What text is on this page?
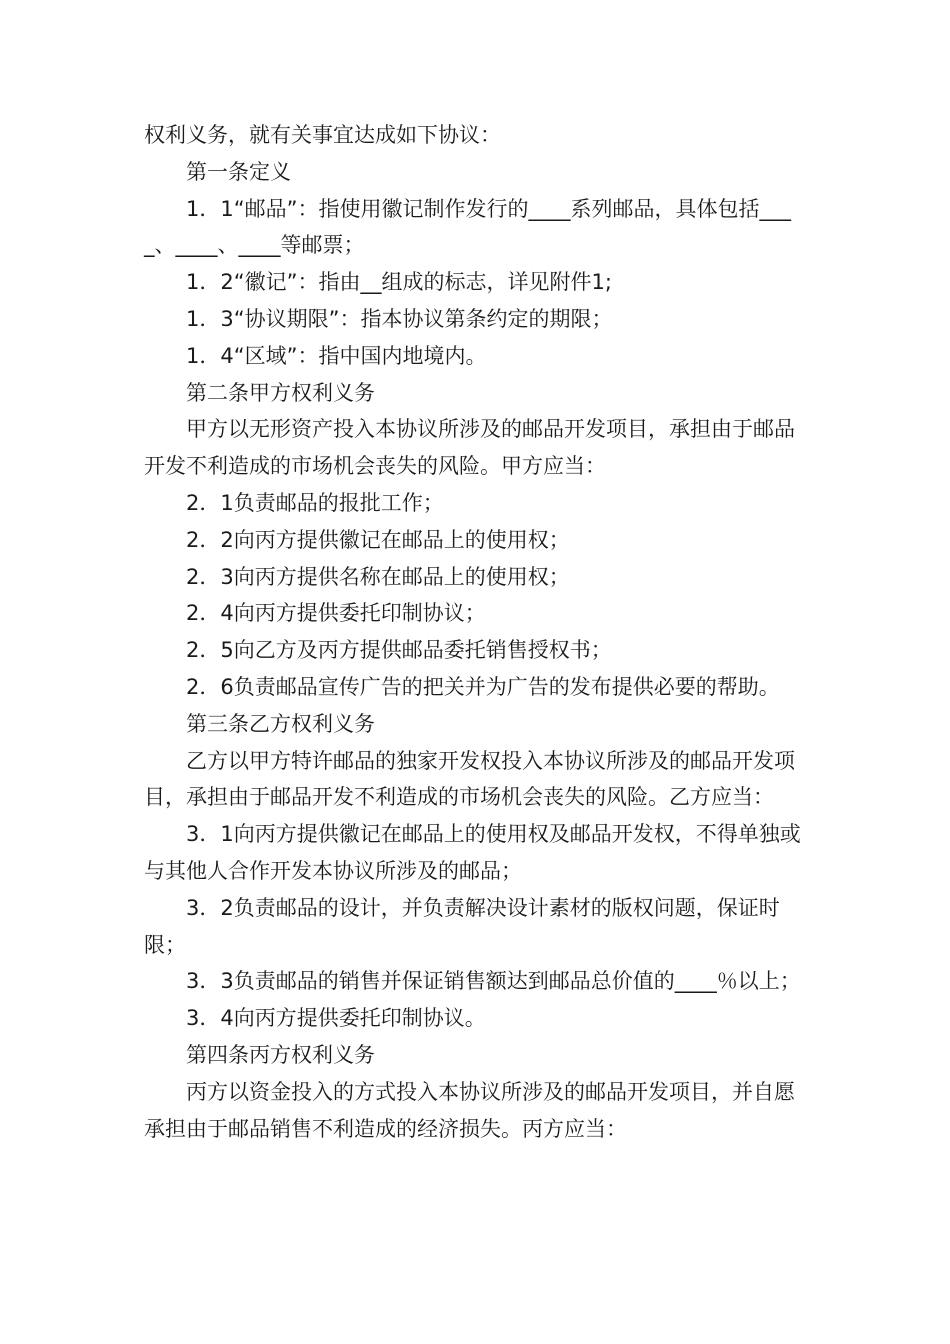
权利义务，就有关事宜达成如下协议：

第一条定义

1．1“邮品”：指使用徽记制作发行的____系列邮品，具体包括____、____、____等邮票；

1．2“徽记”：指由__组成的标志，详见附件1;

1．3“协议期限”：指本协议第条约定的期限；

1．4“区域”：指中国内地境内。

第二条甲方权利义务

甲方以无形资产投入本协议所涉及的邮品开发项目，承担由于邮品开发不利造成的市场机会丧失的风险。甲方应当：

2．1负责邮品的报批工作；

2．2向丙方提供徽记在邮品上的使用权；

2．3向丙方提供名称在邮品上的使用权；

2．4向丙方提供委托印制协议；

2．5向乙方及丙方提供邮品委托销售授权书；

2．6负责邮品宣传广告的把关并为广告的发布提供必要的帮助。

第三条乙方权利义务

乙方以甲方特许邮品的独家开发权投入本协议所涉及的邮品开发项目，承担由于邮品开发不利造成的市场机会丧失的风险。乙方应当：

3．1向丙方提供徽记在邮品上的使用权及邮品开发权，不得单独或与其他人合作开发本协议所涉及的邮品；

3．2负责邮品的设计，并负责解决设计素材的版权问题，保证时限；

3．3负责邮品的销售并保证销售额达到邮品总价值的____％以上；

3．4向丙方提供委托印制协议。

第四条丙方权利义务

丙方以资金投入的方式投入本协议所涉及的邮品开发项目，并自愿承担由于邮品销售不利造成的经济损失。丙方应当：
